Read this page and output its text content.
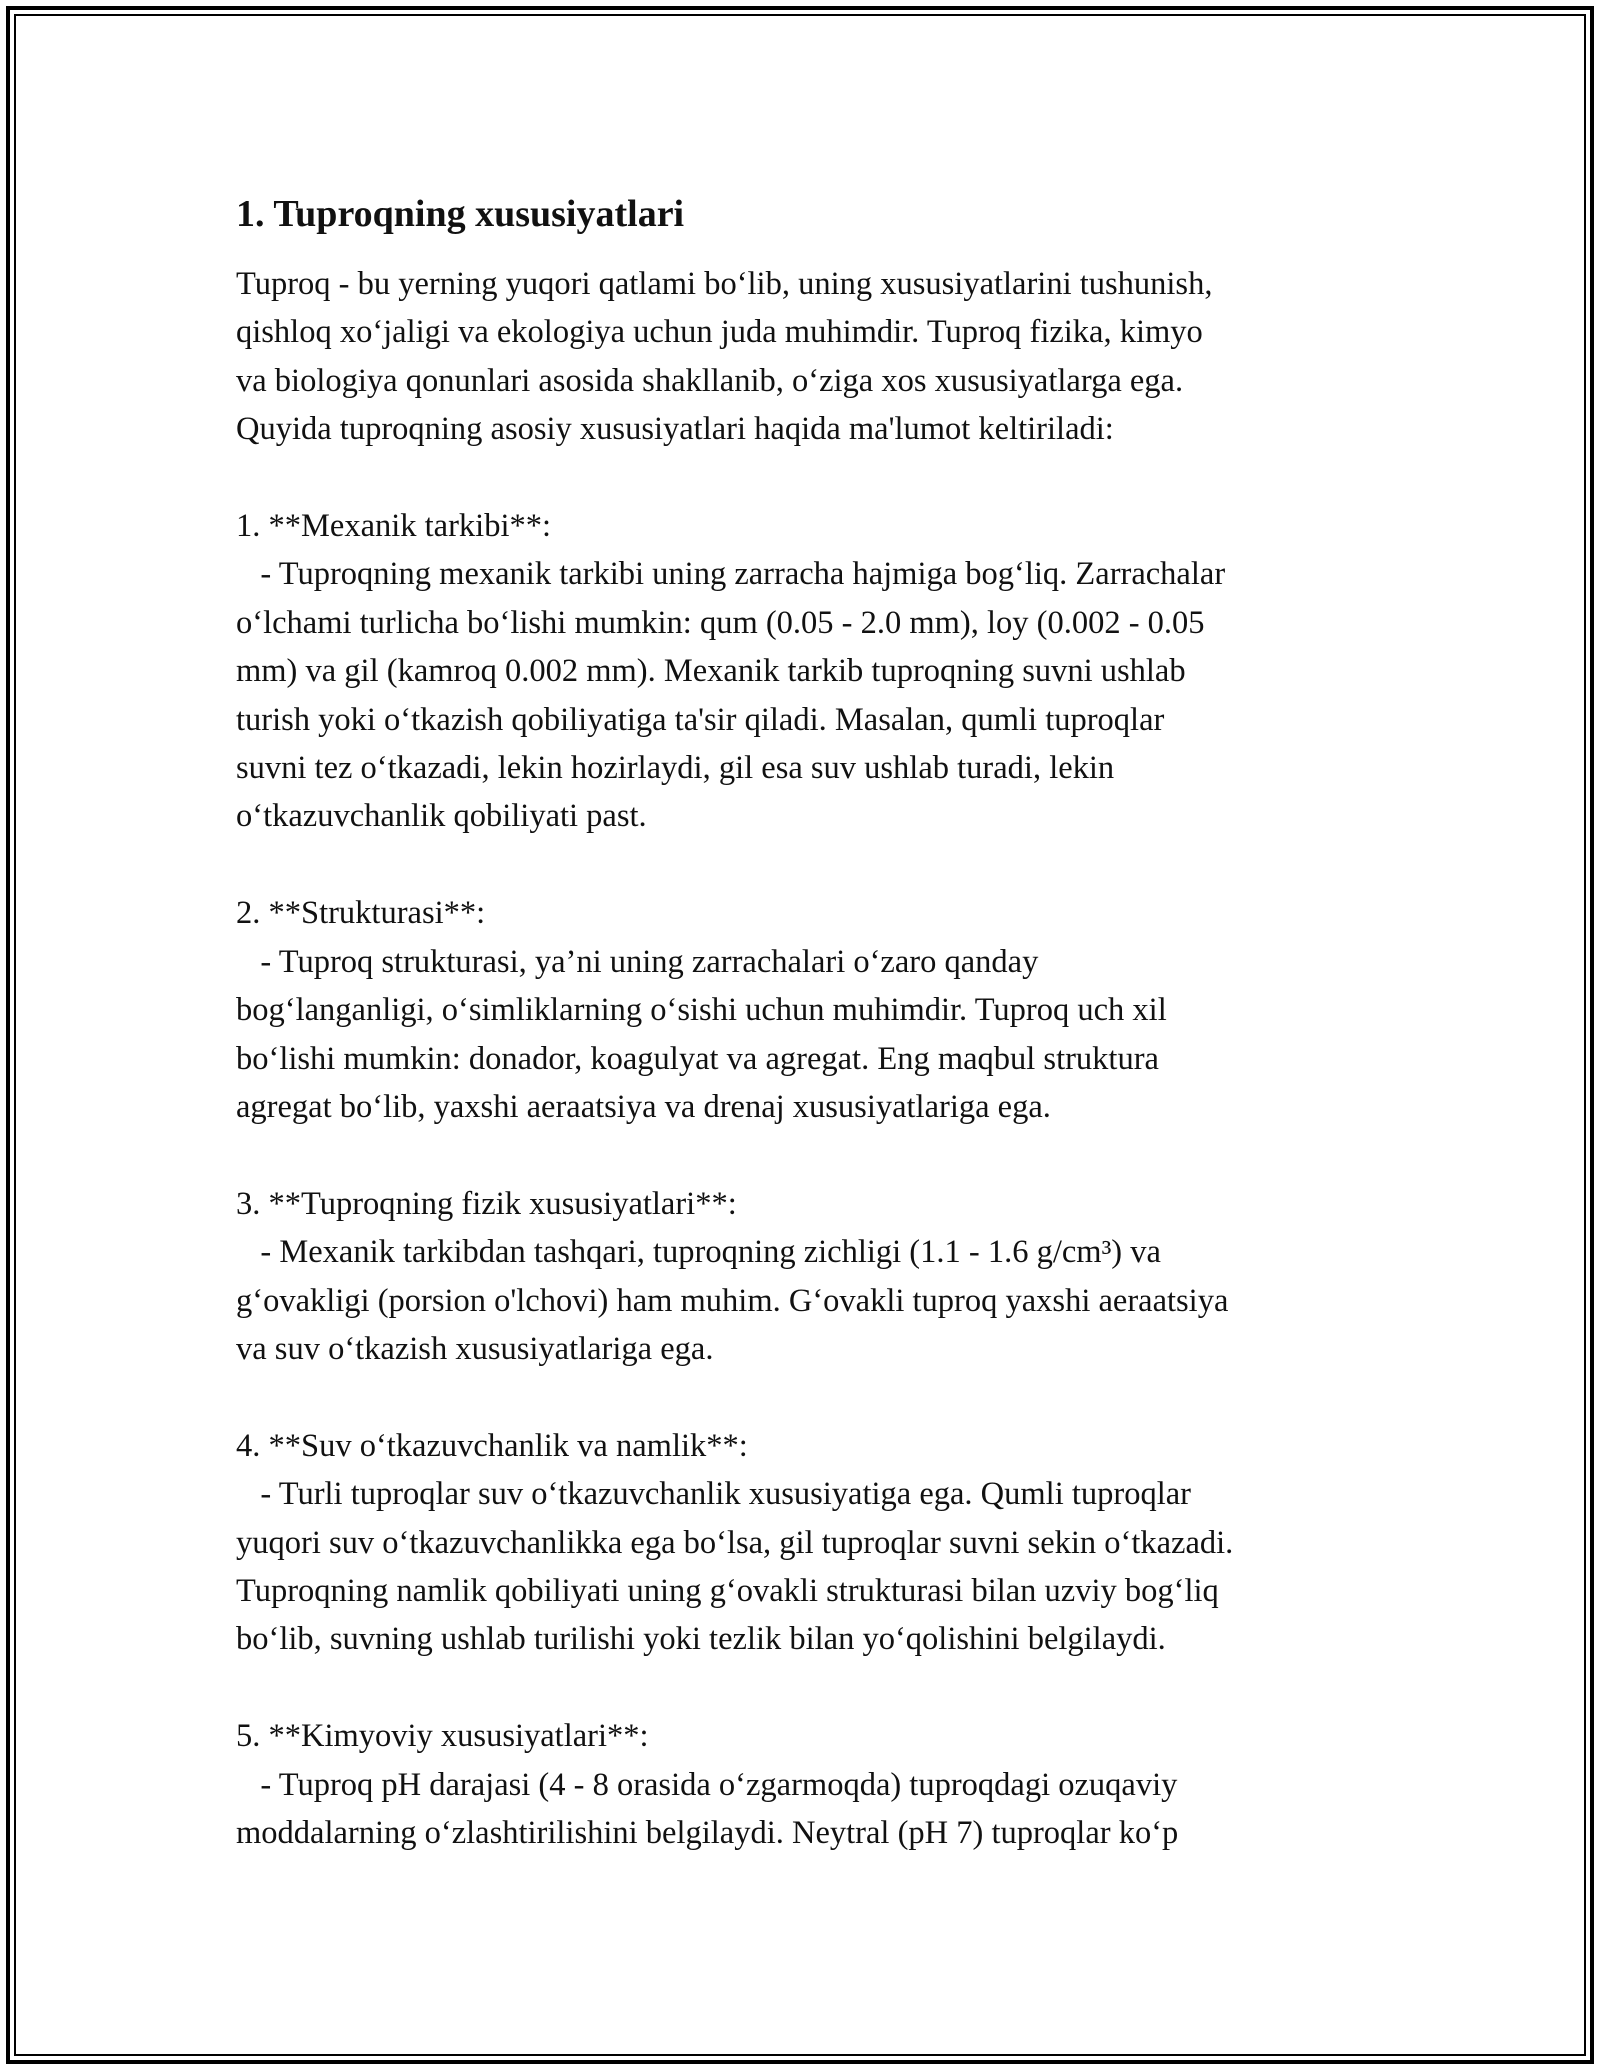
1. Tuproqning xususiyatlari

Tuproq - bu yerning yuqori qatlami bo‘lib, uning xususiyatlarini tushunish,
qishloq xo‘jaligi va ekologiya uchun juda muhimdir. Tuproq fizika, kimyo
va biologiya qonunlari asosida shakllanib, o‘ziga xos xususiyatlarga ega.
Quyida tuproqning asosiy xususiyatlari haqida ma'lumot keltiriladi:

1. **Mexanik tarkibi**:
- Tuproqning mexanik tarkibi uning zarracha hajmiga bog‘liq. Zarrachalar
o‘lchami turlicha bo‘lishi mumkin: qum (0.05 - 2.0 mm), loy (0.002 - 0.05
mm) va gil (kamroq 0.002 mm). Mexanik tarkib tuproqning suvni ushlab
turish yoki o‘tkazish qobiliyatiga ta'sir qiladi. Masalan, qumli tuproqlar
suvni tez o‘tkazadi, lekin hozirlaydi, gil esa suv ushlab turadi, lekin
o‘tkazuvchanlik qobiliyati past.

2. **Strukturasi**:
- Tuproq strukturasi, ya’ni uning zarrachalari o‘zaro qanday
bog‘langanligi, o‘simliklarning o‘sishi uchun muhimdir. Tuproq uch xil
bo‘lishi mumkin: donador, koagulyat va agregat. Eng maqbul struktura
agregat bo‘lib, yaxshi aeraatsiya va drenaj xususiyatlariga ega.

3. **Tuproqning fizik xususiyatlari**:
- Mexanik tarkibdan tashqari, tuproqning zichligi (1.1 - 1.6 g/cm³) va
g‘ovakligi (porsion o'lchovi) ham muhim. G‘ovakli tuproq yaxshi aeraatsiya
va suv o‘tkazish xususiyatlariga ega.

4. **Suv o‘tkazuvchanlik va namlik**:
- Turli tuproqlar suv o‘tkazuvchanlik xususiyatiga ega. Qumli tuproqlar
yuqori suv o‘tkazuvchanlikka ega bo‘lsa, gil tuproqlar suvni sekin o‘tkazadi.
Tuproqning namlik qobiliyati uning g‘ovakli strukturasi bilan uzviy bog‘liq
bo‘lib, suvning ushlab turilishi yoki tezlik bilan yo‘qolishini belgilaydi.

5. **Kimyoviy xususiyatlari**:
- Tuproq pH darajasi (4 - 8 orasida o‘zgarmoqda) tuproqdagi ozuqaviy
moddalarning o‘zlashtirilishini belgilaydi. Neytral (pH 7) tuproqlar ko‘p
